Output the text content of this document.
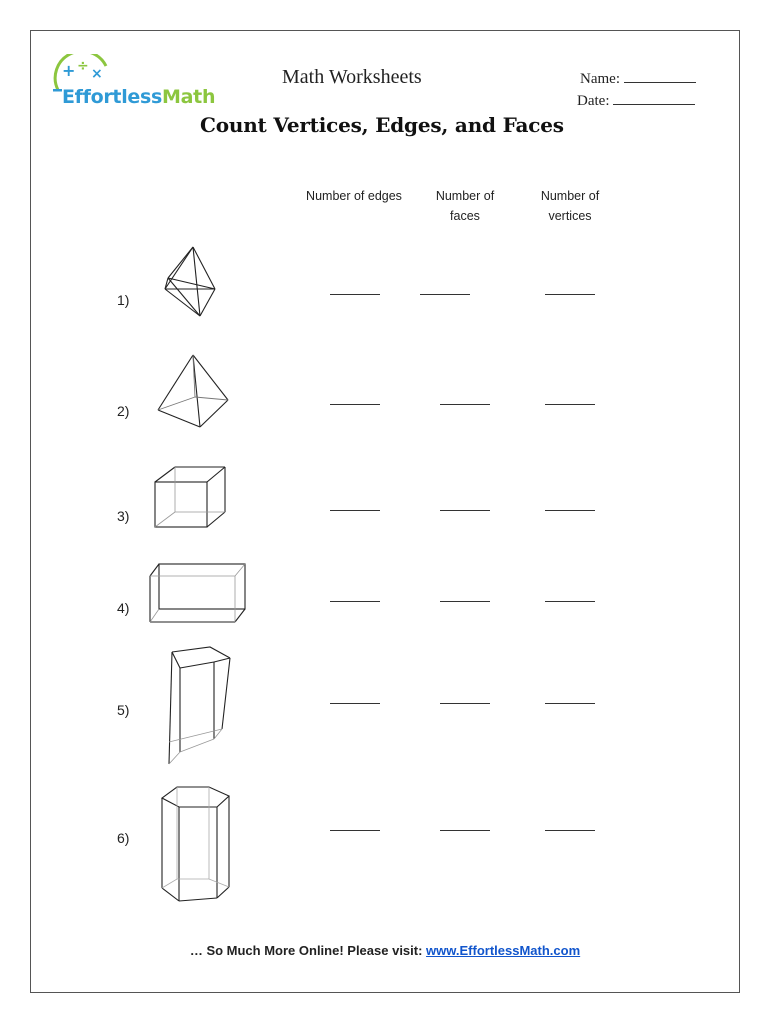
+ ÷ ×
EffortlessMath
Math Worksheets	Name:
Date:
Count Vertices, Edges, and Faces
Number of edges	Number of
faces
Number of
vertices
1)
2)
3)
4)
5)
6)
… So Much More Online! Please visit: www.EffortlessMath.com
